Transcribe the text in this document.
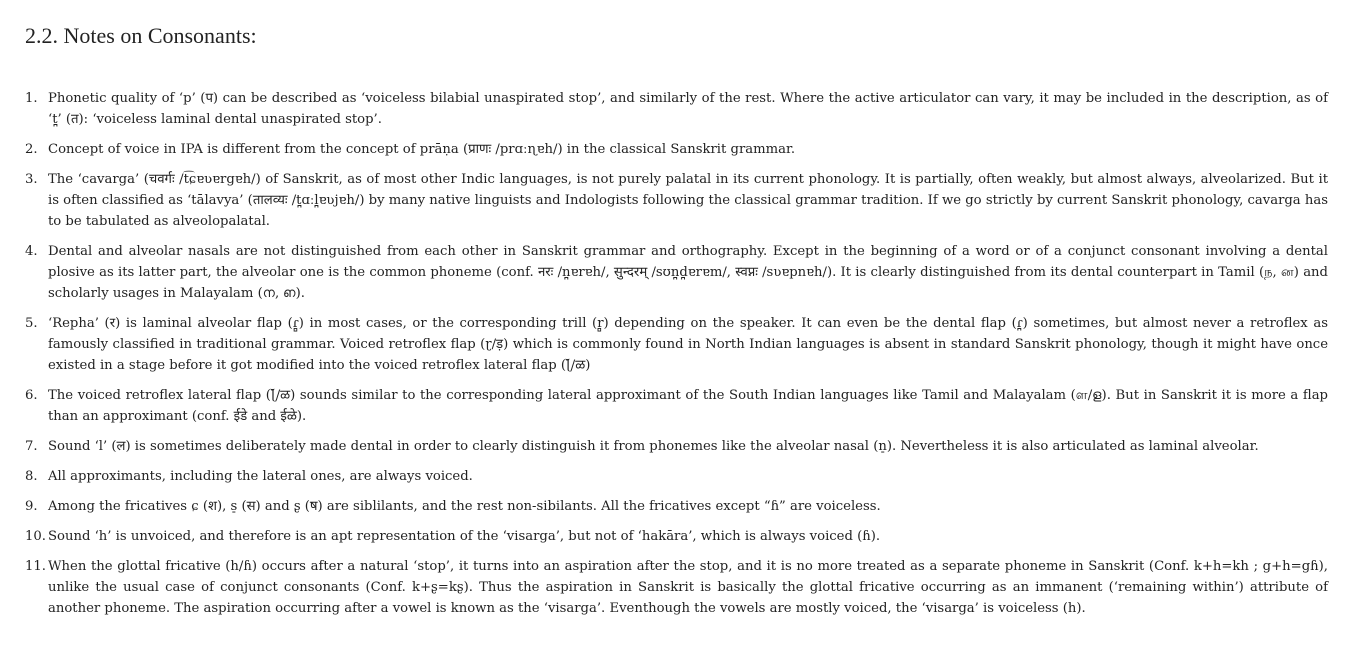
2.2. Notes on Consonants:
1. Phonetic quality of ‘p’ (प) can be described as ‘voiceless bilabial unaspirated stop’, and similarly of the rest. Where the active articulator can vary, it may be included in the description, as of ‘t̪’ (त): ‘voiceless laminal dental unaspirated stop’.
2. Concept of voice in IPA is different from the concept of prāṇa (प्राणः /prɑːɳɐh/) in the classical Sanskrit grammar.
3. The ‘cavarga’ (चवर्गः /t͡ɕɐʋɐrgɐh/) of Sanskrit, as of most other Indic languages, is not purely palatal in its current phonology. It is partially, often weakly, but almost always, alveolarized. But it is often classified as ‘tālavya’ (तालव्यः /t̪ɑːl̪ɐʋjɐh/) by many native linguists and Indologists following the classical grammar tradition. If we go strictly by current Sanskrit phonology, cavarga has to be tabulated as alveolopalatal.
4. Dental and alveolar nasals are not distinguished from each other in Sanskrit grammar and orthography. Except in the beginning of a word or of a conjunct consonant involving a dental plosive as its latter part, the alveolar one is the common phoneme (conf. नरः /n̪ɐrɐh/, सुन्दरम् /sʊn̪d̪ɐrɐm/, स्वप्नः /sʋɐpnɐh/). It is clearly distinguished from its dental counterpart in Tamil (ந, ன) and scholarly usages in Malayalam (ന, ഩ).
5. ‘Repha’ (र) is laminal alveolar flap (ɾ̻) in most cases, or the corresponding trill (r̻) depending on the speaker. It can even be the dental flap (ɾ̪) sometimes, but almost never a retroflex as famously classified in traditional grammar. Voiced retroflex flap (ɽ/ड़) which is commonly found in North Indian languages is absent in standard Sanskrit phonology, though it might have once existed in a stage before it got modified into the voiced retroflex lateral flap (ɭ̆/ळ)
6. The voiced retroflex lateral flap (ɭ̆/ळ) sounds similar to the corresponding lateral approximant of the South Indian languages like Tamil and Malayalam (ள/ള). But in Sanskrit it is more a flap than an approximant (conf. ईडे and ईळे).
7. Sound ‘l’ (ल) is sometimes deliberately made dental in order to clearly distinguish it from phonemes like the alveolar nasal (n̠). Nevertheless it is also articulated as laminal alveolar.
8. All approximants, including the lateral ones, are always voiced.
9. Among the fricatives ɕ (श), s̠ (स) and ʂ (ष) are siblilants, and the rest non-sibilants. All the fricatives except “ɦ” are voiceless.
10. Sound ‘h’ is unvoiced, and therefore is an apt representation of the ‘visarga’, but not of ‘hakāra’, which is always voiced (ɦ).
11. When the glottal fricative (h/ɦ) occurs after a natural ‘stop’, it turns into an aspiration after the stop, and it is no more treated as a separate phoneme in Sanskrit (Conf. k+h=kh ; g+h=gɦ), unlike the usual case of conjunct consonants (Conf. k+ʂ=kʂ). Thus the aspiration in Sanskrit is basically the glottal fricative occurring as an immanent (‘remaining within’) attribute of another phoneme. The aspiration occurring after a vowel is known as the ‘visarga’. Eventhough the vowels are mostly voiced, the ‘visarga’ is voiceless (h).
